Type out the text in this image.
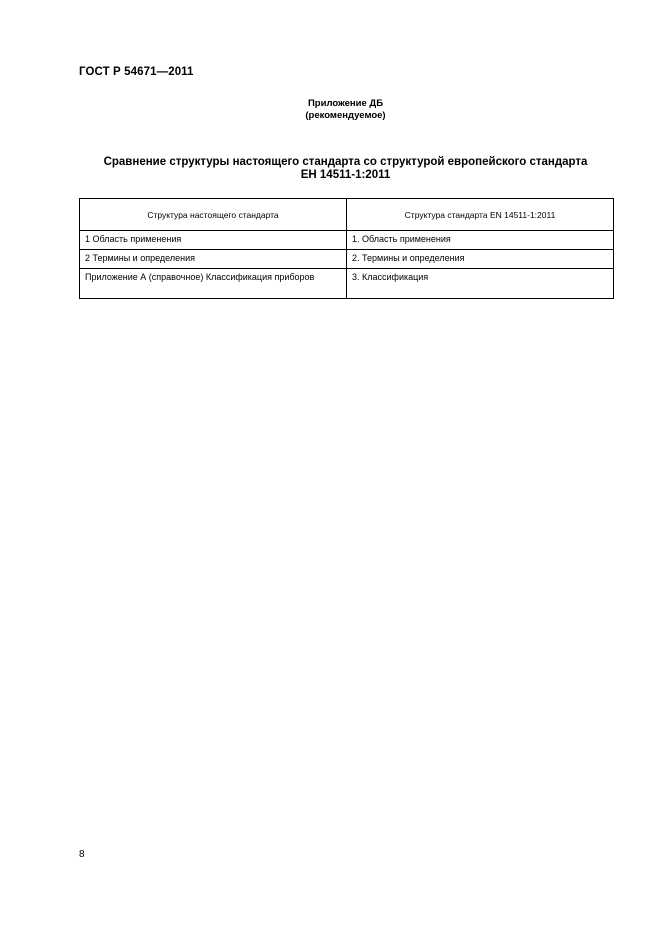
ГОСТ Р 54671—2011
Приложение ДБ
(рекомендуемое)
Сравнение структуры настоящего стандарта со структурой европейского стандарта
ЕН 14511-1:2011
Структура настоящего стандарта	Структура стандарта EN 14511-1:2011
1 Область применения	1. Область применения
2 Термины и определения	2. Термины и определения
Приложение А (справочное) Классификация приборов	3. Классификация
8
